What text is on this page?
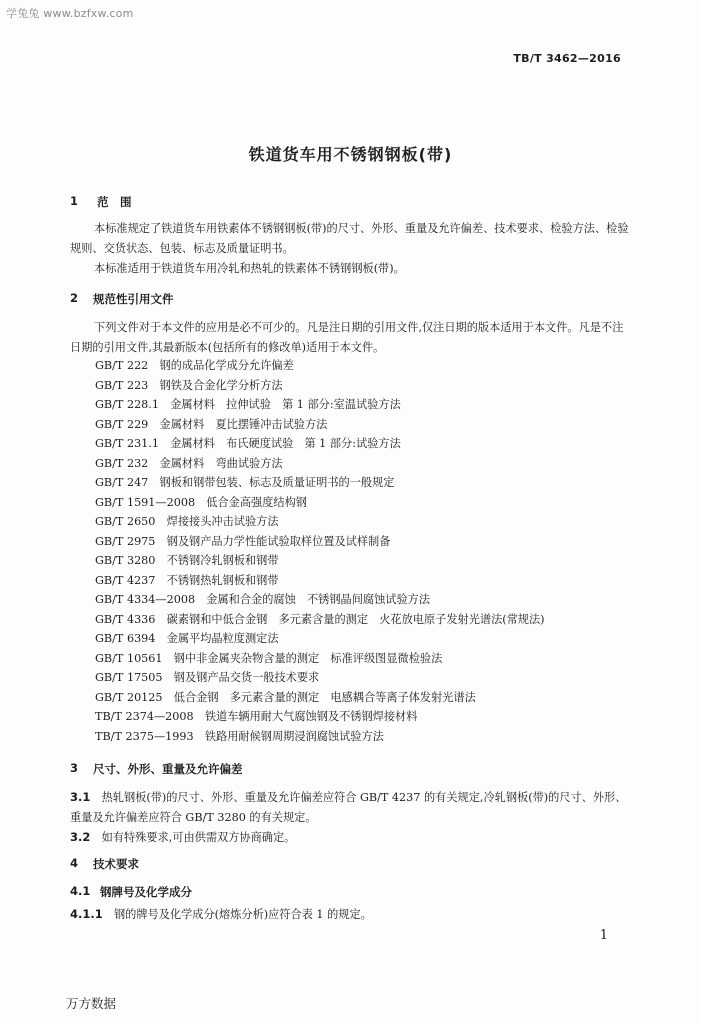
学兔兔 www.bzfxw.com
TB/T 3462—2016
铁道货车用不锈钢钢板(带)
1 范　围

本标准规定了铁道货车用铁素体不锈钢钢板(带)的尺寸、外形、重量及允许偏差、技术要求、检验方法、检验规则、交货状态、包装、标志及质量证明书。

本标准适用于铁道货车用冷轧和热轧的铁素体不锈钢钢板(带)。

2 规范性引用文件

下列文件对于本文件的应用是必不可少的。凡是注日期的引用文件,仅注日期的版本适用于本文件。凡是不注日期的引用文件,其最新版本(包括所有的修改单)适用于本文件。

GB/T 222　 钢的成品化学成分允许偏差
GB/T 223　 钢铁及合金化学分析方法
GB/T 228.1　 金属材料　拉伸试验　第 1 部分:室温试验方法
GB/T 229　 金属材料　夏比摆锤冲击试验方法
GB/T 231.1　 金属材料　布氏硬度试验　第 1 部分:试验方法
GB/T 232　 金属材料　弯曲试验方法
GB/T 247　 钢板和钢带包装、标志及质量证明书的一般规定
GB/T 1591—2008　 低合金高强度结构钢
GB/T 2650　 焊接接头冲击试验方法
GB/T 2975　 钢及钢产品力学性能试验取样位置及试样制备
GB/T 3280　 不锈钢冷轧钢板和钢带
GB/T 4237　 不锈钢热轧钢板和钢带
GB/T 4334—2008　 金属和合金的腐蚀　不锈钢晶间腐蚀试验方法
GB/T 4336　 碳素钢和中低合金钢　多元素含量的测定　火花放电原子发射光谱法(常规法)
GB/T 6394　 金属平均晶粒度测定法
GB/T 10561　 钢中非金属夹杂物含量的测定　标准评级图显微检验法
GB/T 17505　 钢及钢产品交货一般技术要求
GB/T 20125　 低合金钢　多元素含量的测定　电感耦合等离子体发射光谱法
TB/T 2374—2008　 铁道车辆用耐大气腐蚀钢及不锈钢焊接材料
TB/T 2375—1993　 铁路用耐候钢周期浸润腐蚀试验方法
3 尺寸、外形、重量及允许偏差

3.1　 热轧钢板(带)的尺寸、外形、重量及允许偏差应符合 GB/T 4237 的有关规定,冷轧钢板(带)的尺寸、外形、重量及允许偏差应符合 GB/T 3280 的有关规定。

3.2　 如有特殊要求,可由供需双方协商确定。

4 技术要求
4.1 钢牌号及化学成分
4.1.1　 钢的牌号及化学成分(熔炼分析)应符合表 1 的规定。
1
万方数据
